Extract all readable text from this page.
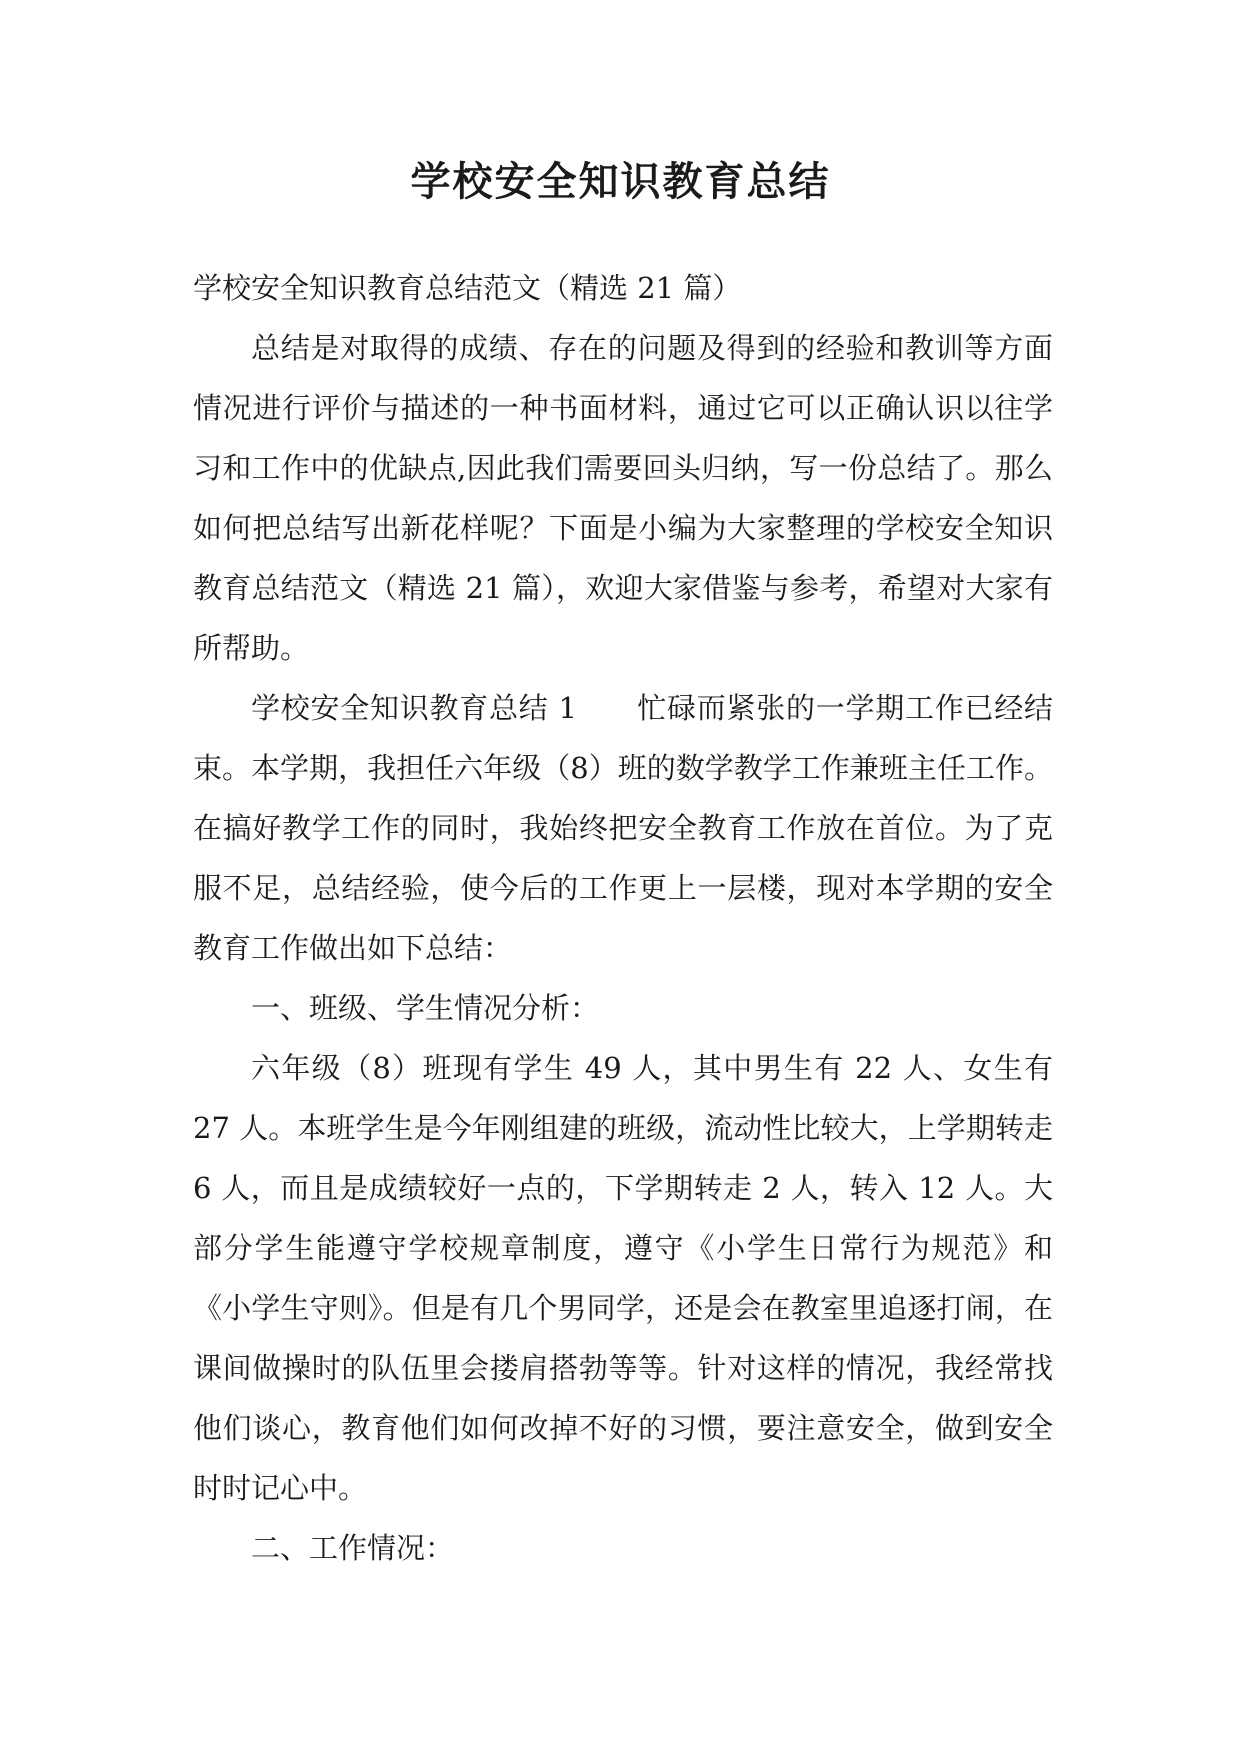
学校安全知识教育总结

学校安全知识教育总结范文（精选 21 篇）

总结是对取得的成绩、存在的问题及得到的经验和教训等方面情况进行评价与描述的一种书面材料，通过它可以正确认识以往学习和工作中的优缺点,因此我们需要回头归纳，写一份总结了。那么如何把总结写出新花样呢？下面是小编为大家整理的学校安全知识教育总结范文（精选 21 篇），欢迎大家借鉴与参考，希望对大家有所帮助。

学校安全知识教育总结 1　　忙碌而紧张的一学期工作已经结束。本学期，我担任六年级（8）班的数学教学工作兼班主任工作。在搞好教学工作的同时，我始终把安全教育工作放在首位。为了克服不足，总结经验，使今后的工作更上一层楼，现对本学期的安全教育工作做出如下总结：

一、班级、学生情况分析：

六年级（8）班现有学生 49 人，其中男生有 22 人、女生有 27 人。本班学生是今年刚组建的班级，流动性比较大，上学期转走 6 人，而且是成绩较好一点的，下学期转走 2 人，转入 12 人。大部分学生能遵守学校规章制度，遵守《小学生日常行为规范》和《小学生守则》。但是有几个男同学，还是会在教室里追逐打闹，在课间做操时的队伍里会搂肩搭勃等等。针对这样的情况，我经常找他们谈心，教育他们如何改掉不好的习惯，要注意安全，做到安全时时记心中。

二、工作情况：
